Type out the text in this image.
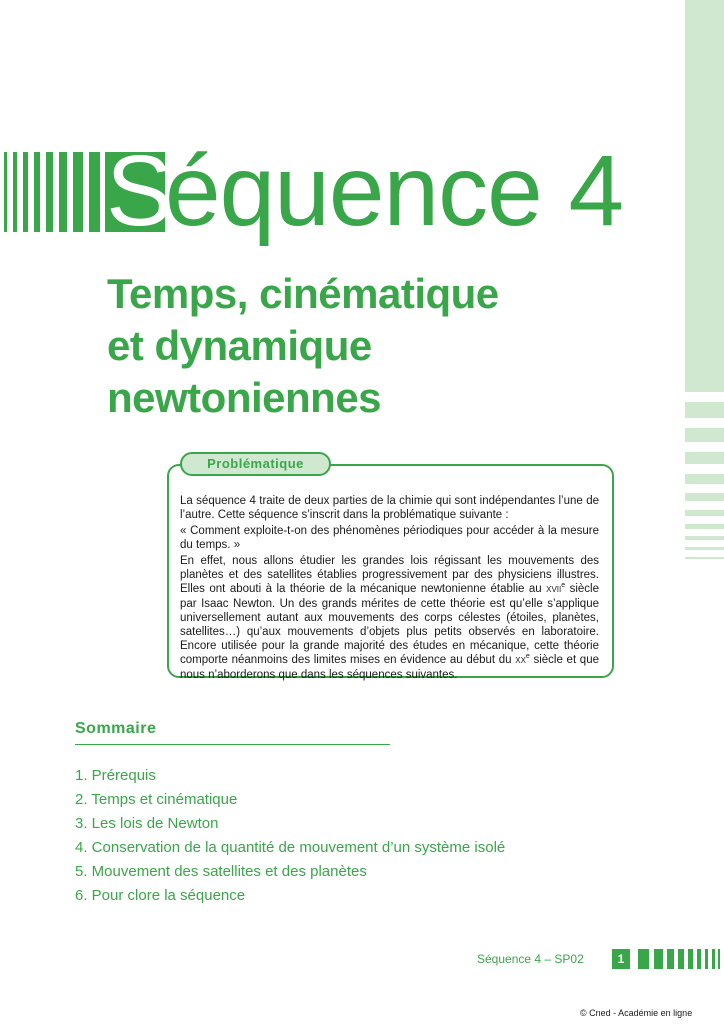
S
équence 4
Temps, cinématique
et dynamique
newtoniennes
Problématique

La séquence 4 traite de deux parties de la chimie qui sont indépendantes l’une de l’autre. Cette séquence s’inscrit dans la problématique suivante :

« Comment exploite-t-on des phénomènes périodiques pour accéder à la mesure du temps. »

En effet, nous allons étudier les grandes lois régissant les mouvements des planètes et des satellites établies progressivement par des physiciens illustres. Elles ont abouti à la théorie de la mécanique newtonienne établie au XVIIe siècle par Isaac Newton. Un des grands mérites de cette théorie est qu’elle s’applique universellement autant aux mouvements des corps célestes (étoiles, planètes, satellites…) qu’aux mouvements d’objets plus petits observés en laboratoire. Encore utilisée pour la grande majorité des études en mécanique, cette théorie comporte néanmoins des limites mises en évidence au début du XXe siècle et que nous n’aborderons que dans les séquences suivantes.

Sommaire
1. Prérequis
2. Temps et cinématique
3. Les lois de Newton
4. Conservation de la quantité de mouvement d’un système isolé
5. Mouvement des satellites et des planètes
6. Pour clore la séquence
Séquence 4 – SP02	1
© Cned - Académie en ligne
